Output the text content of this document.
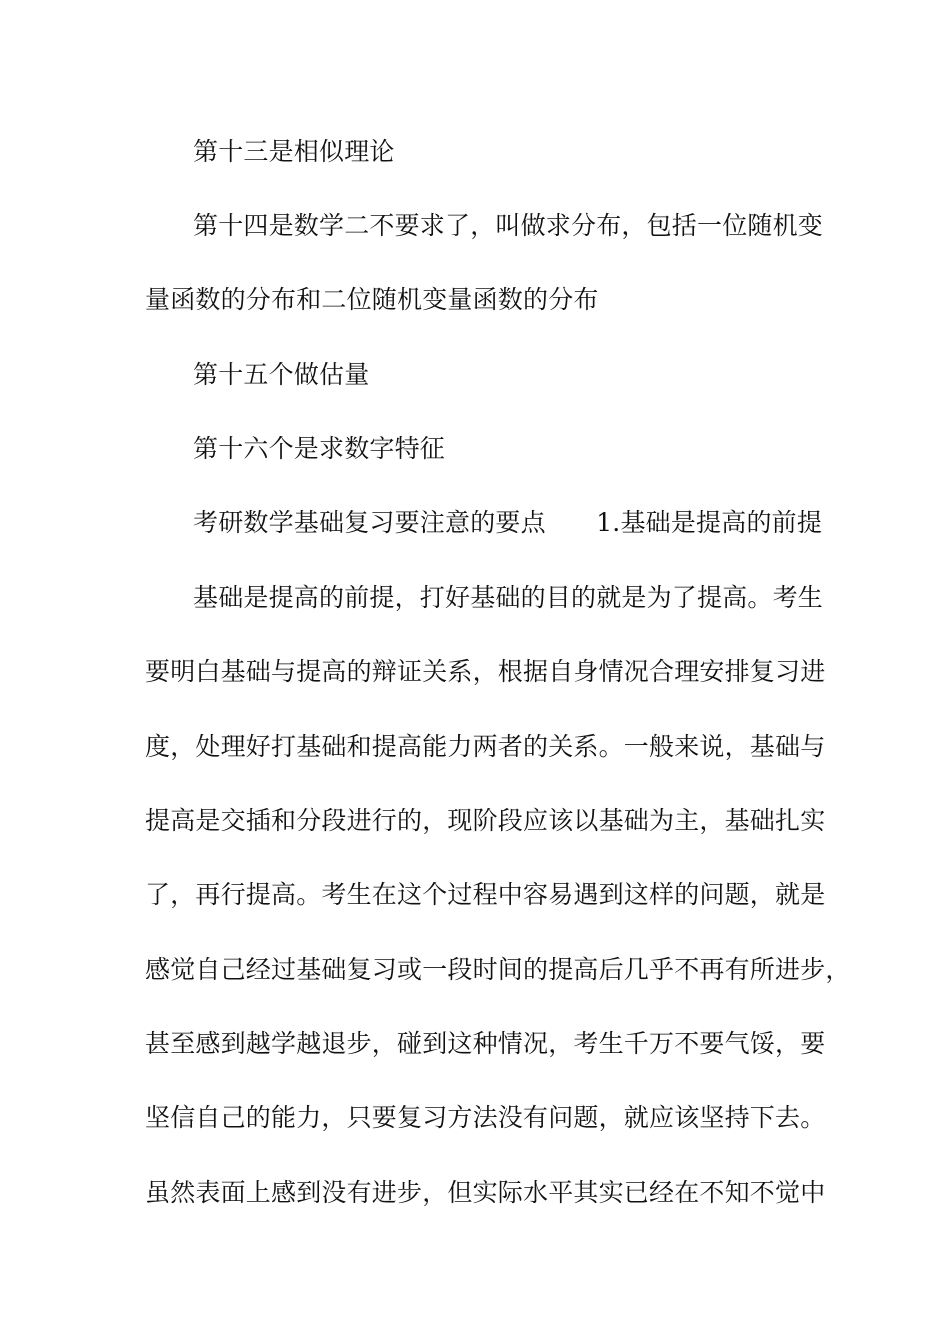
第十三是相似理论
第十四是数学二不要求了，叫做求分布，包括一位随机变
量函数的分布和二位随机变量函数的分布
第十五个做估量
第十六个是求数字特征
考研数学基础复习要注意的要点　　1.基础是提高的前提
基础是提高的前提，打好基础的目的就是为了提高。考生
要明白基础与提高的辩证关系，根据自身情况合理安排复习进
度，处理好打基础和提高能力两者的关系。一般来说，基础与
提高是交插和分段进行的，现阶段应该以基础为主，基础扎实
了，再行提高。考生在这个过程中容易遇到这样的问题，就是
感觉自己经过基础复习或一段时间的提高后几乎不再有所进步，
甚至感到越学越退步，碰到这种情况，考生千万不要气馁，要
坚信自己的能力，只要复习方法没有问题，就应该坚持下去。
虽然表面上感到没有进步，但实际水平其实已经在不知不觉中
